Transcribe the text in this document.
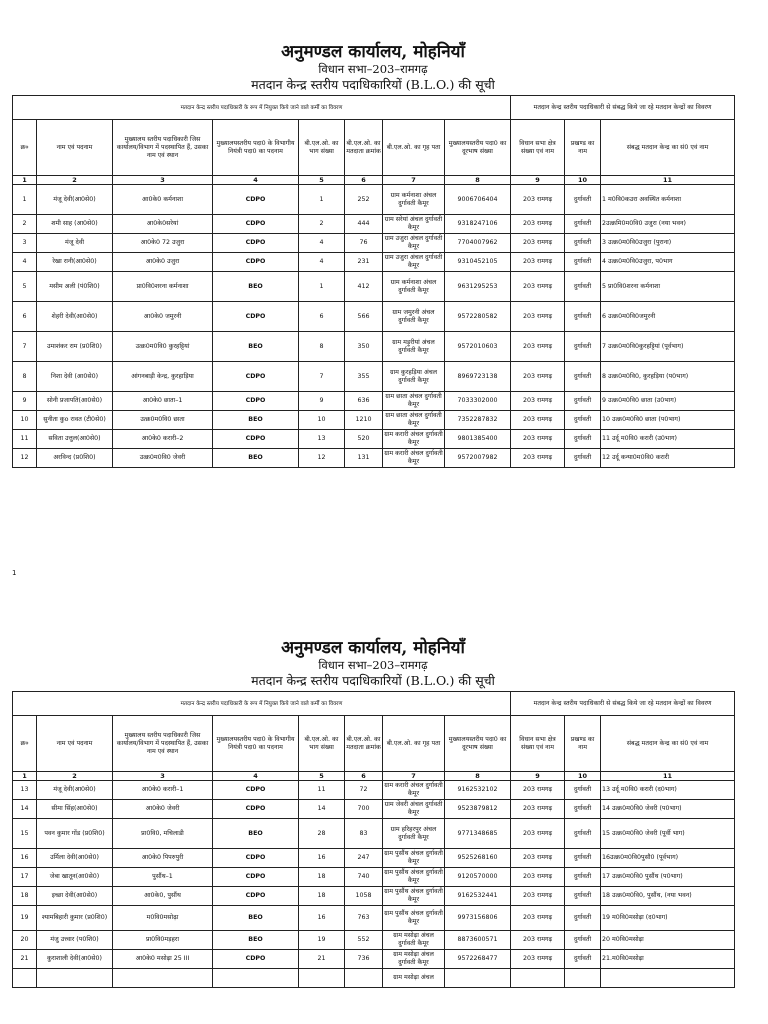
अनुमण्डल कार्यालय, मोहनियाँ
विधान सभा–203–रामगढ़
मतदान केन्द्र स्तरीय पदाधिकारियों (B.L.O.) की सूची
मतदान केन्द्र स्तरीय पदाधिकारी के रूप में नियुक्त किये जाने वाले कर्मी का विवरण								मतदान केन्द्र स्तरीय पदाधिकारी से संबद्ध किये जा रहे मतदान केन्द्रों का विवरण		
क्र०	नाम एवं पदनाम	मुख्यालय स्तरीय पदाधिकारी जिस कार्यालय/विभाग में पदस्थापित हैं, उसका नाम एवं स्थान	मुख्यालयस्तरीय पदा0 के विभागीय नियंत्री पदा0 का पदनाम	बी.एल.ओ. का भाग संख्या	बी.एल.ओ. का मतदाता क्रमांक	बी.एल.ओ. का गृह पता	मुख्यालयस्तरीय पदा0 का दूरभाष संख्या	विधान सभा क्षेत्र संख्या एवं नाम	प्रखण्ड का नाम	संबद्ध मतदान केन्द्र का सं0 एवं नाम
1	2	3	4	5	6	7	8	9	10	11
1	मंजू देवी(आ0से0)	आ0के0 कर्मनाशा	CDPO	1	252	ग्राम कर्मनाशा अंचल दुर्गावती कैमूर	9006706404	203 रामगढ़	दुर्गावती	1 म0वि0कउरा अवस्थित कर्मनाशा
2	शमी साह (आ0से0)	आ0के0सरेयां	CDPO	2	444	ग्राम सरेयां अंचल दुर्गावती कैमूर	9318247106	203 रामगढ़	दुर्गावती	2उत्क्रमि0म0वि0 उजुरा (नया भवन)
3	मंजू देवी	आ0के0 72 उजुरा	CDPO	4	76	ग्राम उजुरा अंचल दुर्गावती कैमूर	7704007962	203 रामगढ़	दुर्गावती	3 उत्क्र0म0वि0उजुरा (पुराना)
4	रेखा रानी(आ0से0)	आ0के0 उजुरा	CDPO	4	231	ग्राम उजुरा अंचल दुर्गावती कैमूर	9310452105	203 रामगढ़	दुर्गावती	4 उत्क्र0म0वि0उजुरा, प0भाग
5	मसीम अली (पं0शि0)	प्रा0वि0शरना कर्मनाशा	BEO	1	412	ग्राम कर्मनाशा अंचल दुर्गावती कैमूर	9631295253	203 रामगढ़	दुर्गावती	5 प्रा0वि0शरना कर्मनाशा
6	शेहरी देवी(आ0से0)	आ0के0 जमुरनी	CDPO	6	566	ग्राम जमुरनी अंचल दुर्गावती कैमूर	9572280582	203 रामगढ़	दुर्गावती	6 उत्क्र0म0वि0जमुरनी
7	उमाशंकर राम (प्र0शि0)	उत्क्र0म0वि0 कुरहट्टियां	BEO	8	350	ग्राम मड़ुरीयां अंचल दुर्गावती कैमूर	9572010603	203 रामगढ़	दुर्गावती	7 उत्क्र0म0वि0कुरहट्टियां (पूर्वभाग)
8	निशा देवी (आ0से0)	आंगनबाड़ी केन्द्र, कुरहाड़िया	CDPO	7	355	ग्राम कुरहड़िया अंचल दुर्गावती कैमूर	8969723138	203 रामगढ़	दुर्गावती	8 उत्क्र0म0वि0, कुरहड़िया (प0भाग)
9	सोनी प्रजापति(आ0से0)	आ0के0 छाता–1	CDPO	9	636	ग्राम छाता अंचल दुर्गावती कैमूर	7033302000	203 रामगढ़	दुर्गावती	9 उत्क्र0म0वि0 छाता (उ0भाग)
10	सुनीता कुo रावत (टी0से0)	उत्क्र0म0वि0 छाता	BEO	10	1210	ग्राम छाता अंचल दुर्गावती कैमूर	7352287832	203 रामगढ़	दुर्गावती	10 उत्क्र0म0वि0 छाता (प0भाग)
11	सविता उत्तुल(आ0से0)	आ0के0 करारी–2	CDPO	13	520	ग्राम करारी अंचल दुर्गावती कैमूर	9801385400	203 रामगढ़	दुर्गावती	11 उर्दू म0वि0 करारी (उ0भाग)
12	अरविन्द (प्र0शि0)	उत्क्र0म0वि0 जेवरी	BEO	12	131	ग्राम करारी अंचल दुर्गावती कैमूर	9572007982	203 रामगढ़	दुर्गावती	12 उर्दू कन्या0म0वि0 करारी
1
अनुमण्डल कार्यालय, मोहनियाँ
विधान सभा–203–रामगढ़
मतदान केन्द्र स्तरीय पदाधिकारियों (B.L.O.) की सूची
मतदान केन्द्र स्तरीय पदाधिकारी के रूप में नियुक्त किये जाने वाले कर्मी का विवरण								मतदान केन्द्र स्तरीय पदाधिकारी से संबद्ध किये जा रहे मतदान केन्द्रों का विवरण		
क्र०	नाम एवं पदनाम	मुख्यालय स्तरीय पदाधिकारी जिस कार्यालय/विभाग में पदस्थापित हैं, उसका नाम एवं स्थान	मुख्यालयस्तरीय पदा0 के विभागीय नियंत्री पदा0 का पदनाम	बी.एल.ओ. का भाग संख्या	बी.एल.ओ. का मतदाता क्रमांक	बी.एल.ओ. का गृह पता	मुख्यालयस्तरीय पदा0 का दूरभाष संख्या	विधान सभा क्षेत्र संख्या एवं नाम	प्रखण्ड का नाम	संबद्ध मतदान केन्द्र का सं0 एवं नाम
1	2	3	4	5	6	7	8	9	10	11
13	मंजू देवी(आ0से0)	आ0के0 करारी–1	CDPO	11	72	ग्राम करारी अंचल दुर्गावती कैमूर	9162532102	203 रामगढ़	दुर्गावती	13 उर्दू म0वि0 करारी (द0भाग)
14	सीमा सिंह(आ0से0)	आ0के0 जेवरी	CDPO	14	700	ग्राम जेवरी अंचल दुर्गावती कैमूर	9523879812	203 रामगढ़	दुर्गावती	14 उत्क्र0म0वि0 जेवरी (प0भाग)
15	पवन कुमार गोंड (प्र0शि0)	प्रा0वि0, मचिलाडी	BEO	28	83	ग्राम हरिहरपुर अंचल दुर्गावती कैमूर	9771348685	203 रामगढ़	दुर्गावती	15 उत्क्र0म0वि0 जेवरी (पूर्वी भाग)
16	उर्मिला देवी(आ0से0)	आ0के0 पिपरुपुरी	CDPO	16	247	ग्राम पुसौंथ अंचल दुर्गावती कैमूर	9525268160	203 रामगढ़	दुर्गावती	16उत्क्र0म0वि0पुसौ0 (पूर्वभाग)
17	जेबा खातून(आ0से0)	पुसौंथ–1	CDPO	18	740	ग्राम पुसौंथ अंचल दुर्गावती कैमूर	9120570000	203 रामगढ़	दुर्गावती	17 उत्क्र0म0वि0 पुसौंथ (प0भाग)
18	इच्छा देवी(आ0से0)	आ0के0, पुसौंथ	CDPO	18	1058	ग्राम पुसौंथ अंचल दुर्गावती कैमूर	9162532441	203 रामगढ़	दुर्गावती	18 उत्क्र0म0वि0, पुसौंथ, (नया भवन)
19	श्यामबिहारी कुमार (प्र0शि0)	म0वि0मसोढ़ा	BEO	16	763	ग्राम पुसौंथ अंचल दुर्गावती कैमूर	9973156806	203 रामगढ़	दुर्गावती	19 म0वि0मसोढ़ा (द0भाग)
20	मंजु उत्त्वार (प0शि0)	प्रा0वि0मड़हरा	BEO	19	552	ग्राम मसोढ़ा अंचल दुर्गावती कैमूर	8873600571	203 रामगढ़	दुर्गावती	20 म0वि0मसोढ़ा
21	कुराशाली देवी(आ0से0)	आ0के0 मसोढ़ा 25 III	CDPO	21	736	ग्राम मसोढ़ा अंचल दुर्गावती कैमूर	9572268477	203 रामगढ़	दुर्गावती	21.म0वि0मसोढ़ा
						ग्राम मसोढ़ा अंचल				
